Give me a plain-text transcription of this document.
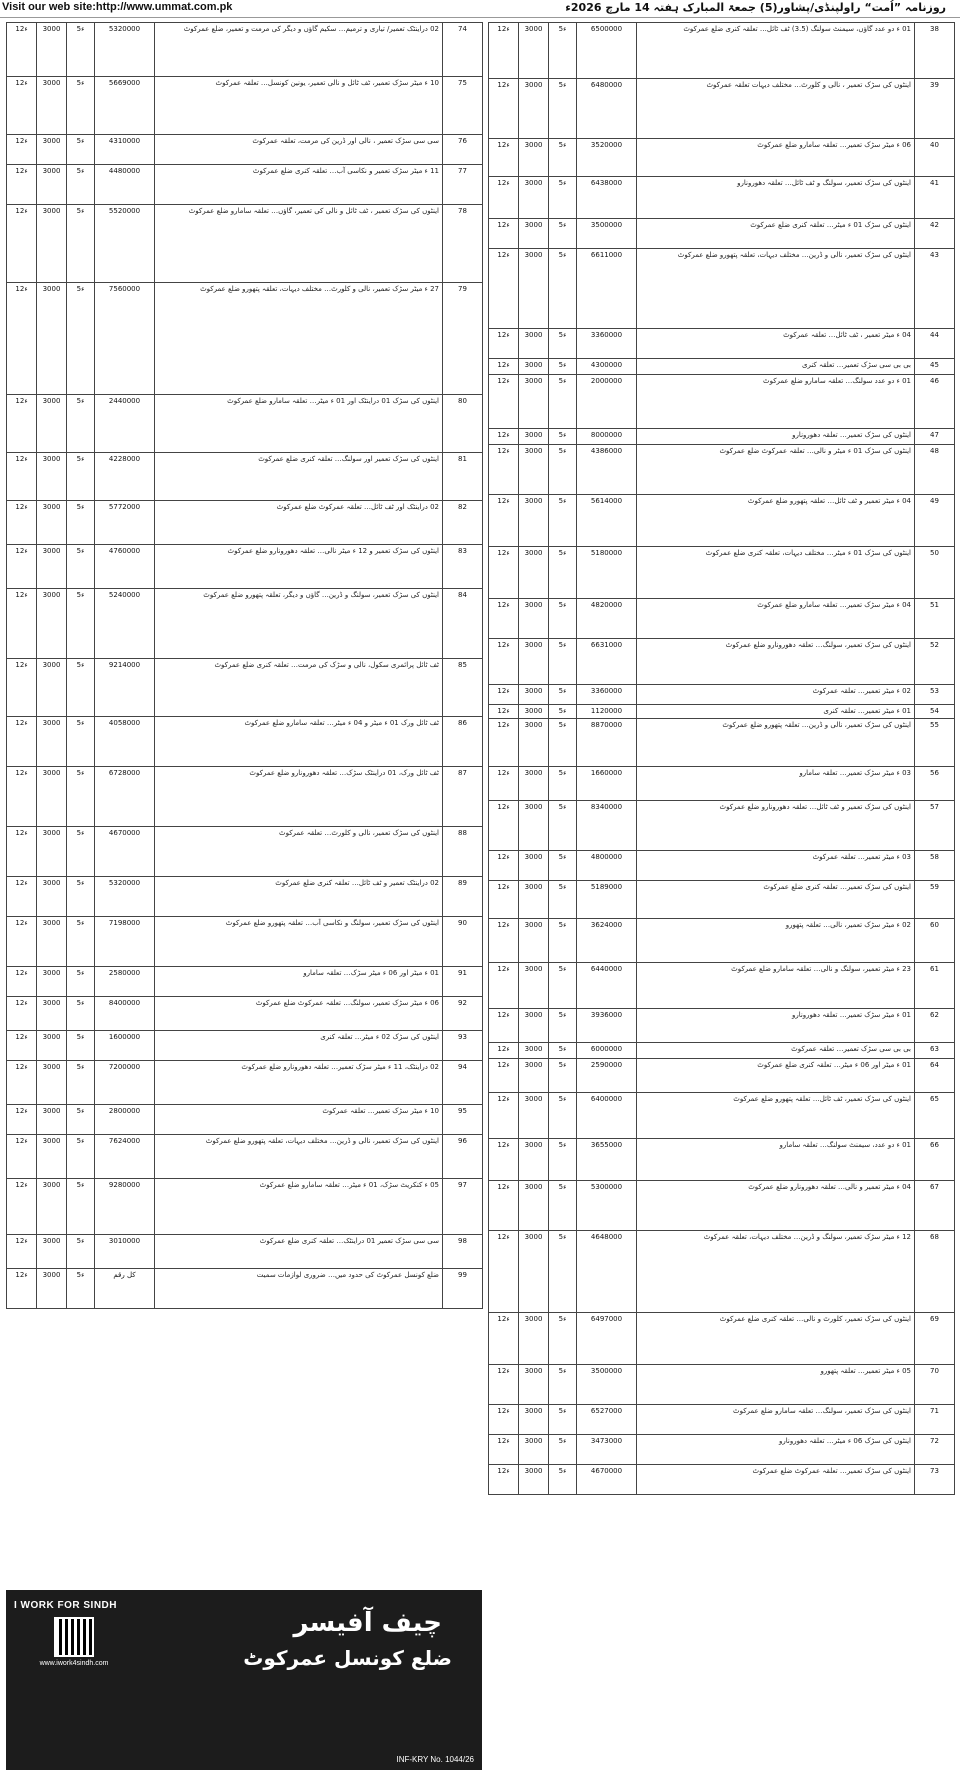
Visit our web site:http://www.ummat.com.pk	روزنامہ ”اُمت“ راولپنڈی/پشاور(5) جمعۃ المبارک ہفتہ 14 مارچ 2026ء
12ء	3000	5ء	5320000	02 دراینٹک تعمیر/ تیاری و ترمیم… سکیم گاؤں و دیگر کی مرمت و تعمیر، ضلع عمرکوٹ	74
12ء	3000	5ء	5669000	10 ء میٹر سڑک تعمیر، ٹف ٹائل و نالی تعمیر، یونین کونسل… تعلقہ عمرکوٹ	75
12ء	3000	5ء	4310000	سی سی سڑک تعمیر ، نالی اور ڈرین کی مرمت، تعلقہ عمرکوٹ	76
12ء	3000	5ء	4480000	11 ء میٹر سڑک تعمیر و نکاسی آب… تعلقہ کنری ضلع عمرکوٹ	77
12ء	3000	5ء	5520000	اینٹوں کی سڑک تعمیر ، ٹف ٹائل و نالی کی تعمیر، گاؤں… تعلقہ سامارو ضلع عمرکوٹ	78
12ء	3000	5ء	7560000	27 ء میٹر سڑک تعمیر، نالی و کلورٹ… مختلف دیہات، تعلقہ پتھورو ضلع عمرکوٹ	79
12ء	3000	5ء	2440000	اینٹوں کی سڑک 01 دراینٹک اور 01 ء میٹر… تعلقہ سامارو ضلع عمرکوٹ	80
12ء	3000	5ء	4228000	اینٹوں کی سڑک تعمیر اور سولنگ… تعلقہ کنری ضلع عمرکوٹ	81
12ء	3000	5ء	5772000	02 دراینٹک اور ٹف ٹائل… تعلقہ عمرکوٹ ضلع عمرکوٹ	82
12ء	3000	5ء	4760000	اینٹوں کی سڑک تعمیر و 12 ء میٹر نالی… تعلقہ دھورونارو ضلع عمرکوٹ	83
12ء	3000	5ء	5240000	اینٹوں کی سڑک تعمیر، سولنگ و ڈرین… گاؤں و دیگر، تعلقہ پتھورو ضلع عمرکوٹ	84
12ء	3000	5ء	9214000	ٹف ٹائل پرائمری سکول، نالی و سڑک کی مرمت… تعلقہ کنری ضلع عمرکوٹ	85
12ء	3000	5ء	4058000	ٹف ٹائل ورک 01 ء میٹر و 04 ء میٹر… تعلقہ سامارو ضلع عمرکوٹ	86
12ء	3000	5ء	6728000	ٹف ٹائل ورک، 01 دراینٹک سڑک… تعلقہ دھورونارو ضلع عمرکوٹ	87
12ء	3000	5ء	4670000	اینٹوں کی سڑک تعمیر، نالی و کلورٹ… تعلقہ عمرکوٹ	88
12ء	3000	5ء	5320000	02 دراینٹک تعمیر و ٹف ٹائل… تعلقہ کنری ضلع عمرکوٹ	89
12ء	3000	5ء	7198000	اینٹوں کی سڑک تعمیر، سولنگ و نکاسی آب… تعلقہ پتھورو ضلع عمرکوٹ	90
12ء	3000	5ء	2580000	01 ء میٹر اور 06 ء میٹر سڑک… تعلقہ سامارو	91
12ء	3000	5ء	8400000	06 ء میٹر سڑک تعمیر، سولنگ… تعلقہ عمرکوٹ ضلع عمرکوٹ	92
12ء	3000	5ء	1600000	اینٹوں کی سڑک 02 ء میٹر… تعلقہ کنری	93
12ء	3000	5ء	7200000	02 دراینٹک، 11 ء میٹر سڑک تعمیر… تعلقہ دھورونارو ضلع عمرکوٹ	94
12ء	3000	5ء	2800000	10 ء میٹر سڑک تعمیر… تعلقہ عمرکوٹ	95
12ء	3000	5ء	7624000	اینٹوں کی سڑک تعمیر، نالی و ڈرین… مختلف دیہات، تعلقہ پتھورو ضلع عمرکوٹ	96
12ء	3000	5ء	9280000	05 ء کنکریٹ سڑک، 01 ء میٹر… تعلقہ سامارو ضلع عمرکوٹ	97
12ء	3000	5ء	3010000	سی سی سڑک تعمیر 01 دراینٹک… تعلقہ کنری ضلع عمرکوٹ	98
12ء	3000	5ء	کل رقم	ضلع کونسل عمرکوٹ کی حدود میں… ضروری لوازمات سمیت	99
12ء	3000	5ء	6500000	01 ء دو عدد گاؤں، سیمنٹ سولنگ (3.5) ٹف ٹائل… تعلقہ کنری ضلع عمرکوٹ	38
12ء	3000	5ء	6480000	اینٹوں کی سڑک تعمیر ، نالی و کلورٹ… مختلف دیہات تعلقہ عمرکوٹ	39
12ء	3000	5ء	3520000	06 ء میٹر سڑک تعمیر… تعلقہ سامارو ضلع عمرکوٹ	40
12ء	3000	5ء	6438000	اینٹوں کی سڑک تعمیر، سولنگ و ٹف ٹائل… تعلقہ دھورونارو	41
12ء	3000	5ء	3500000	اینٹوں کی سڑک 01 ء میٹر… تعلقہ کنری ضلع عمرکوٹ	42
12ء	3000	5ء	6611000	اینٹوں کی سڑک تعمیر، نالی و ڈرین… مختلف دیہات، تعلقہ پتھورو ضلع عمرکوٹ	43
12ء	3000	5ء	3360000	04 ء میٹر تعمیر ، ٹف ٹائل… تعلقہ عمرکوٹ	44
12ء	3000	5ء	4300000	بی بی سی سڑک تعمیر… تعلقہ کنری	45
12ء	3000	5ء	2000000	01 ء دو عدد سولنگ… تعلقہ سامارو ضلع عمرکوٹ	46
12ء	3000	5ء	8000000	اینٹوں کی سڑک تعمیر… تعلقہ دھورونارو	47
12ء	3000	5ء	4386000	اینٹوں کی سڑک 01 ء میٹر و نالی… تعلقہ عمرکوٹ ضلع عمرکوٹ	48
12ء	3000	5ء	5614000	04 ء میٹر تعمیر و ٹف ٹائل… تعلقہ پتھورو ضلع عمرکوٹ	49
12ء	3000	5ء	5180000	اینٹوں کی سڑک 01 ء میٹر… مختلف دیہات، تعلقہ کنری ضلع عمرکوٹ	50
12ء	3000	5ء	4820000	04 ء میٹر سڑک تعمیر… تعلقہ سامارو ضلع عمرکوٹ	51
12ء	3000	5ء	6631000	اینٹوں کی سڑک تعمیر، سولنگ… تعلقہ دھورونارو ضلع عمرکوٹ	52
12ء	3000	5ء	3360000	02 ء میٹر تعمیر… تعلقہ عمرکوٹ	53
12ء	3000	5ء	1120000	01 ء میٹر تعمیر… تعلقہ کنری	54
12ء	3000	5ء	8870000	اینٹوں کی سڑک تعمیر، نالی و ڈرین… تعلقہ پتھورو ضلع عمرکوٹ	55
12ء	3000	5ء	1660000	03 ء میٹر سڑک تعمیر… تعلقہ سامارو	56
12ء	3000	5ء	8340000	اینٹوں کی سڑک تعمیر و ٹف ٹائل… تعلقہ دھورونارو ضلع عمرکوٹ	57
12ء	3000	5ء	4800000	03 ء میٹر تعمیر… تعلقہ عمرکوٹ	58
12ء	3000	5ء	5189000	اینٹوں کی سڑک تعمیر… تعلقہ کنری ضلع عمرکوٹ	59
12ء	3000	5ء	3624000	02 ء میٹر سڑک تعمیر، نالی… تعلقہ پتھورو	60
12ء	3000	5ء	6440000	23 ء میٹر تعمیر، سولنگ و نالی… تعلقہ سامارو ضلع عمرکوٹ	61
12ء	3000	5ء	3936000	01 ء میٹر سڑک تعمیر… تعلقہ دھورونارو	62
12ء	3000	5ء	6000000	بی بی سی سڑک تعمیر… تعلقہ عمرکوٹ	63
12ء	3000	5ء	2590000	01 ء میٹر اور 06 ء میٹر… تعلقہ کنری ضلع عمرکوٹ	64
12ء	3000	5ء	6400000	اینٹوں کی سڑک تعمیر، ٹف ٹائل… تعلقہ پتھورو ضلع عمرکوٹ	65
12ء	3000	5ء	3655000	01 ء دو عدد، سیمنٹ سولنگ… تعلقہ سامارو	66
12ء	3000	5ء	5300000	04 ء میٹر تعمیر و نالی… تعلقہ دھورونارو ضلع عمرکوٹ	67
12ء	3000	5ء	4648000	12 ء میٹر سڑک تعمیر، سولنگ و ڈرین… مختلف دیہات، تعلقہ عمرکوٹ	68
12ء	3000	5ء	6497000	اینٹوں کی سڑک تعمیر، کلورٹ و نالی… تعلقہ کنری ضلع عمرکوٹ	69
12ء	3000	5ء	3500000	05 ء میٹر تعمیر… تعلقہ پتھورو	70
12ء	3000	5ء	6527000	اینٹوں کی سڑک تعمیر، سولنگ… تعلقہ سامارو ضلع عمرکوٹ	71
12ء	3000	5ء	3473000	اینٹوں کی سڑک 06 ء میٹر… تعلقہ دھورونارو	72
12ء	3000	5ء	4670000	اینٹوں کی سڑک تعمیر… تعلقہ عمرکوٹ ضلع عمرکوٹ	73
I WORK FOR SINDH
www.iwork4sindh.com
چیف آفیسر
ضلع کونسل عمرکوٹ
INF-KRY No. 1044/26
